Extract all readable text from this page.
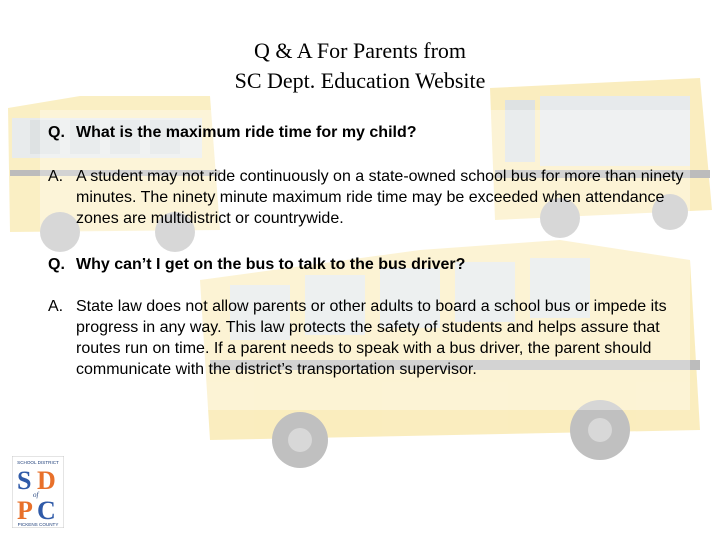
Q & A For Parents from
SC Dept. Education Website
Q. What is the maximum ride time for my child?
A. A student may not ride continuously on a state-owned school bus for more than ninety minutes. The ninety minute maximum ride time may be exceeded when attendance zones are multidistrict or countrywide.
Q. Why can’t I get on the bus to talk to the bus driver?
A. State law does not allow parents or other adults to board a school bus or impede its progress in any way. This law protects the safety of students and helps assure that routes run on time. If a parent needs to speak with a bus driver, the parent should communicate with the district’s transportation supervisor.
SCHOOL DISTRICT
S D
of
P C
PICKENS COUNTY
